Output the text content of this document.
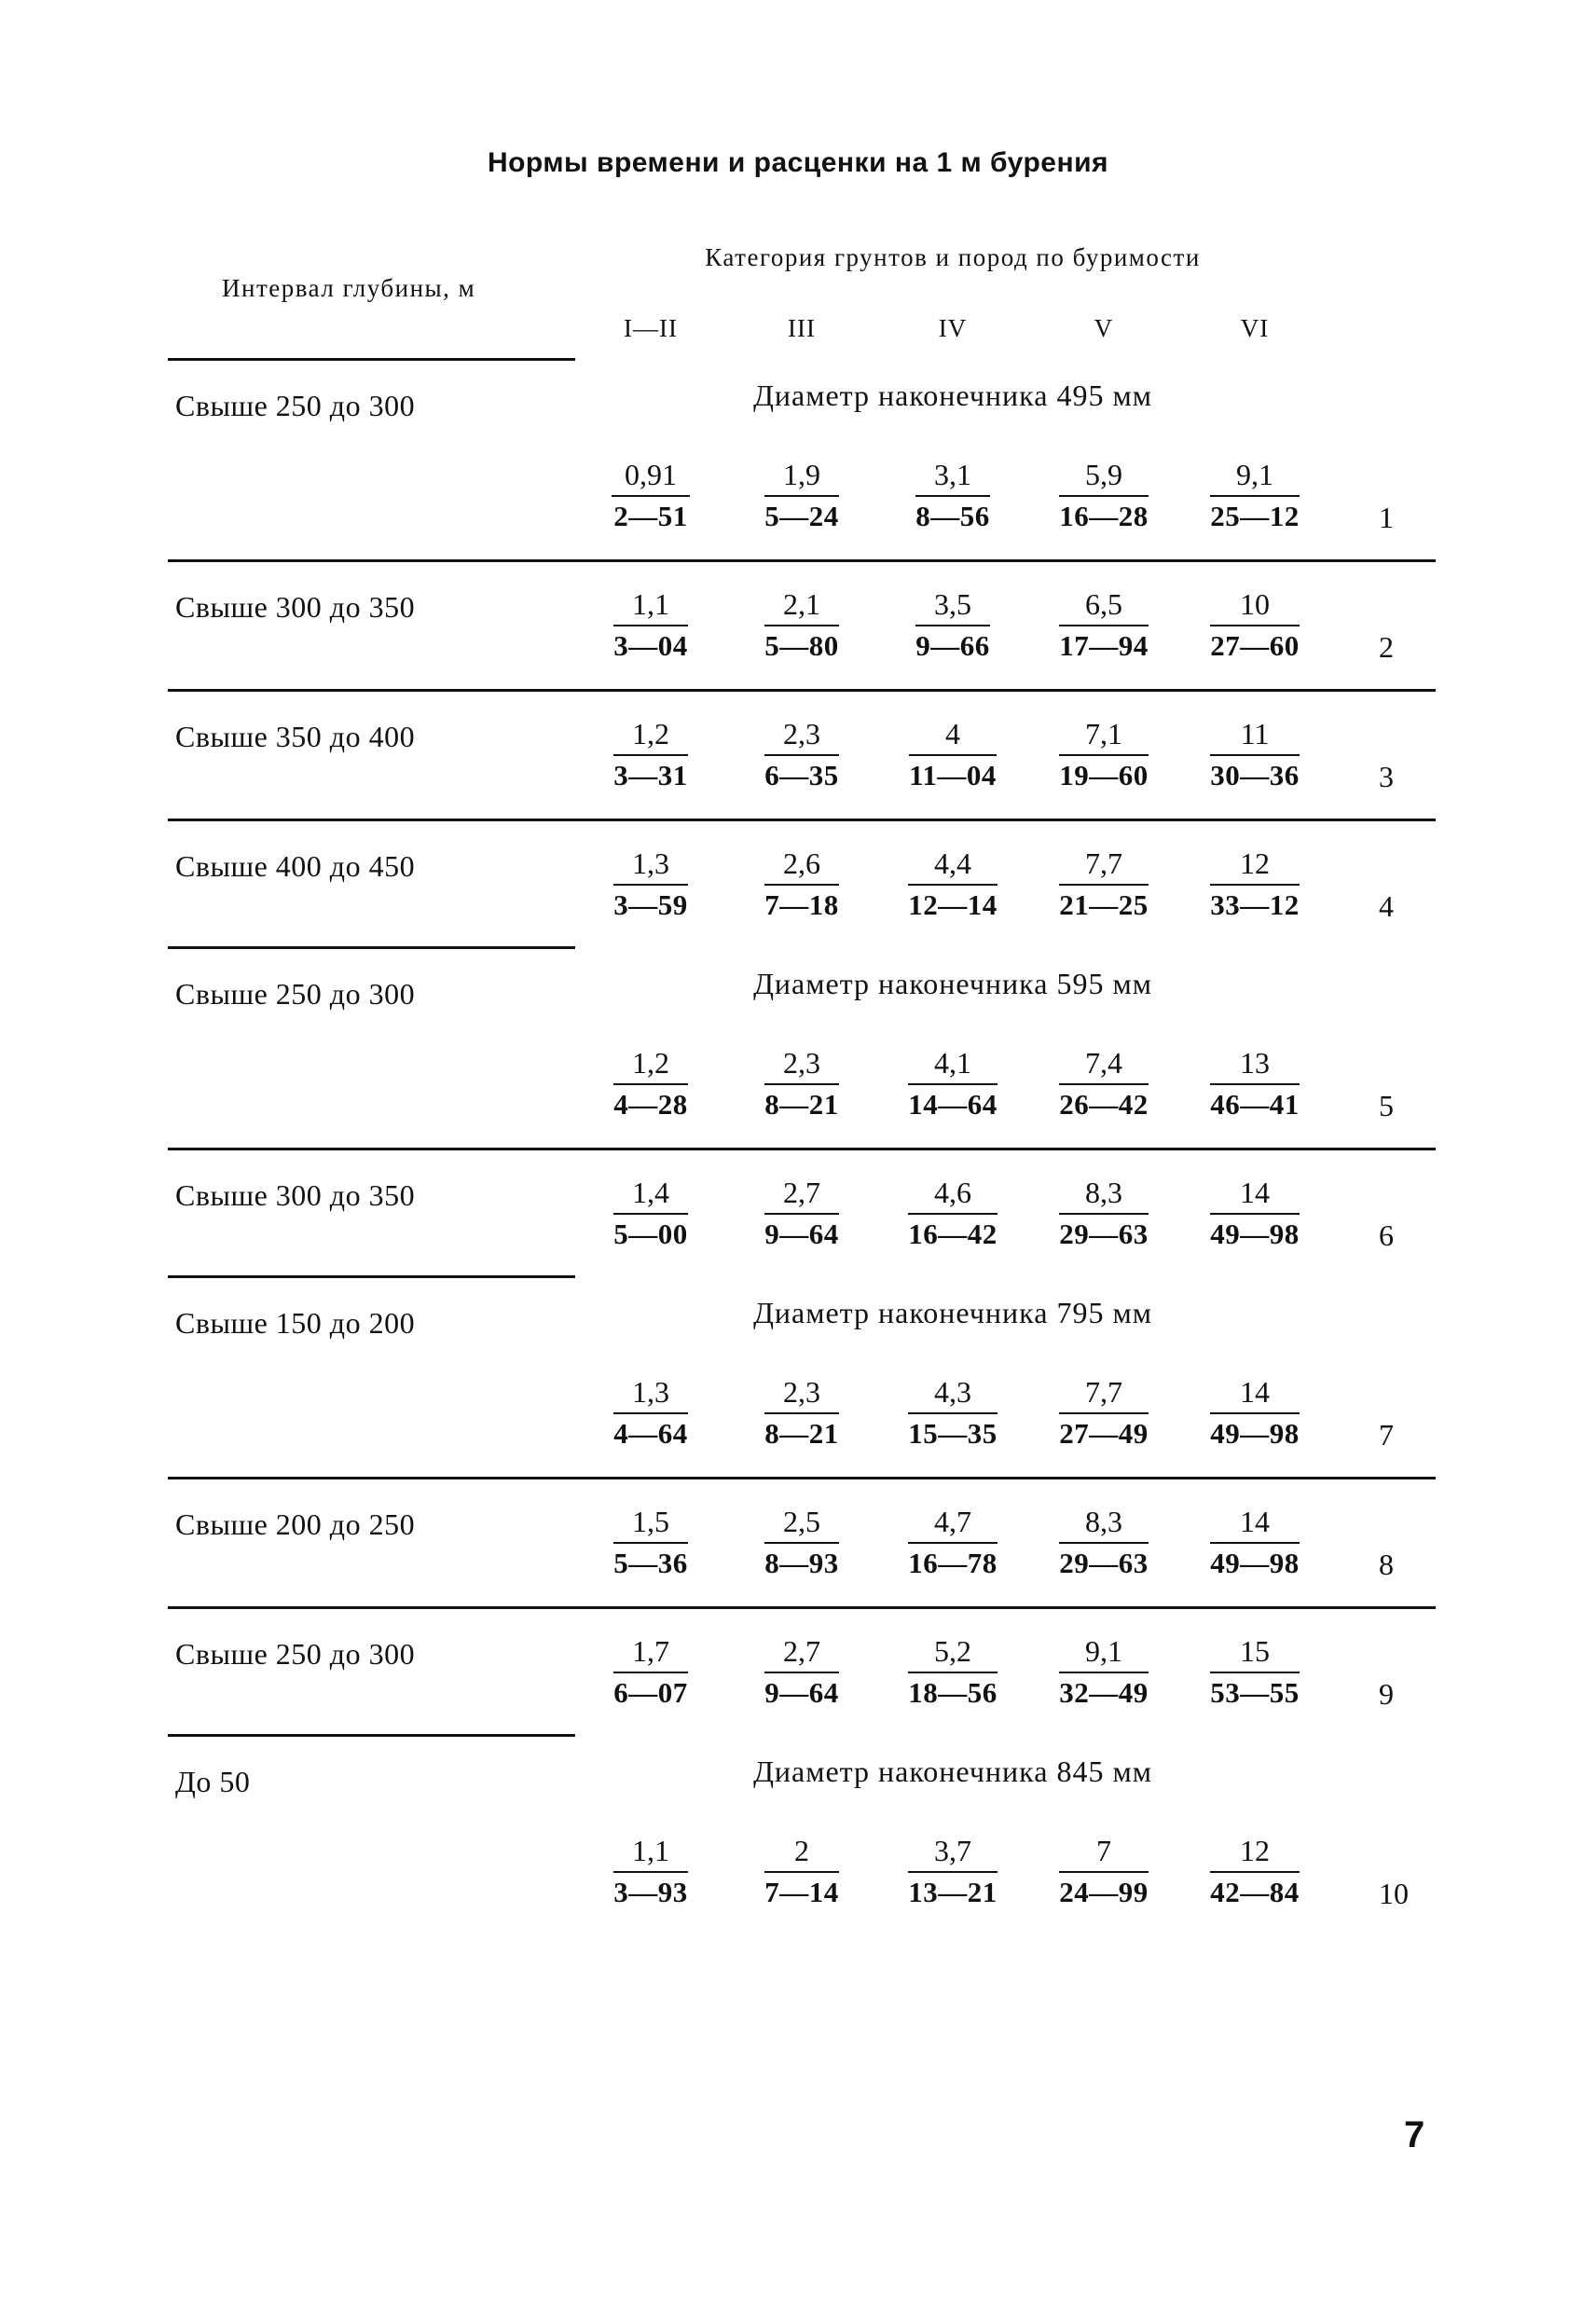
Нормы времени и расценки на 1 м бурения
Интервал глубины, м	Категория грунтов и пород по буримости					
	I—II	III	IV	V	VI	
Свыше 250 до 300	Диаметр наконечника 495 мм					

	$\frac{0,91}{2—51}$	$\frac{1,9}{5—24}$	$\frac{3,1}{8—56}$	$\frac{5,9}{16—28}$	$\frac{9,1}{25—12}$	1
Свыше 300 до 350	$\frac{1,1}{3—04}$	$\frac{2,1}{5—80}$	$\frac{3,5}{9—66}$	$\frac{6,5}{17—94}$	$\frac{10}{27—60}$	2
Свыше 350 до 400	$\frac{1,2}{3—31}$	$\frac{2,3}{6—35}$	$\frac{4}{11—04}$	$\frac{7,1}{19—60}$	$\frac{11}{30—36}$	3
Свыше 400 до 450	$\frac{1,3}{3—59}$	$\frac{2,6}{7—18}$	$\frac{4,4}{12—14}$	$\frac{7,7}{21—25}$	$\frac{12}{33—12}$	4
Свыше 250 до 300	Диаметр наконечника 595 мм					

	$\frac{1,2}{4—28}$	$\frac{2,3}{8—21}$	$\frac{4,1}{14—64}$	$\frac{7,4}{26—42}$	$\frac{13}{46—41}$	5
Свыше 300 до 350	$\frac{1,4}{5—00}$	$\frac{2,7}{9—64}$	$\frac{4,6}{16—42}$	$\frac{8,3}{29—63}$	$\frac{14}{49—98}$	6
Свыше 150 до 200	Диаметр наконечника 795 мм					

	$\frac{1,3}{4—64}$	$\frac{2,3}{8—21}$	$\frac{4,3}{15—35}$	$\frac{7,7}{27—49}$	$\frac{14}{49—98}$	7
Свыше 200 до 250	$\frac{1,5}{5—36}$	$\frac{2,5}{8—93}$	$\frac{4,7}{16—78}$	$\frac{8,3}{29—63}$	$\frac{14}{49—98}$	8
Свыше 250 до 300	$\frac{1,7}{6—07}$	$\frac{2,7}{9—64}$	$\frac{5,2}{18—56}$	$\frac{9,1}{32—49}$	$\frac{15}{53—55}$	9
До 50	Диаметр наконечника 845 мм					

	$\frac{1,1}{3—93}$	$\frac{2}{7—14}$	$\frac{3,7}{13—21}$	$\frac{7}{24—99}$	$\frac{12}{42—84}$	10
7
